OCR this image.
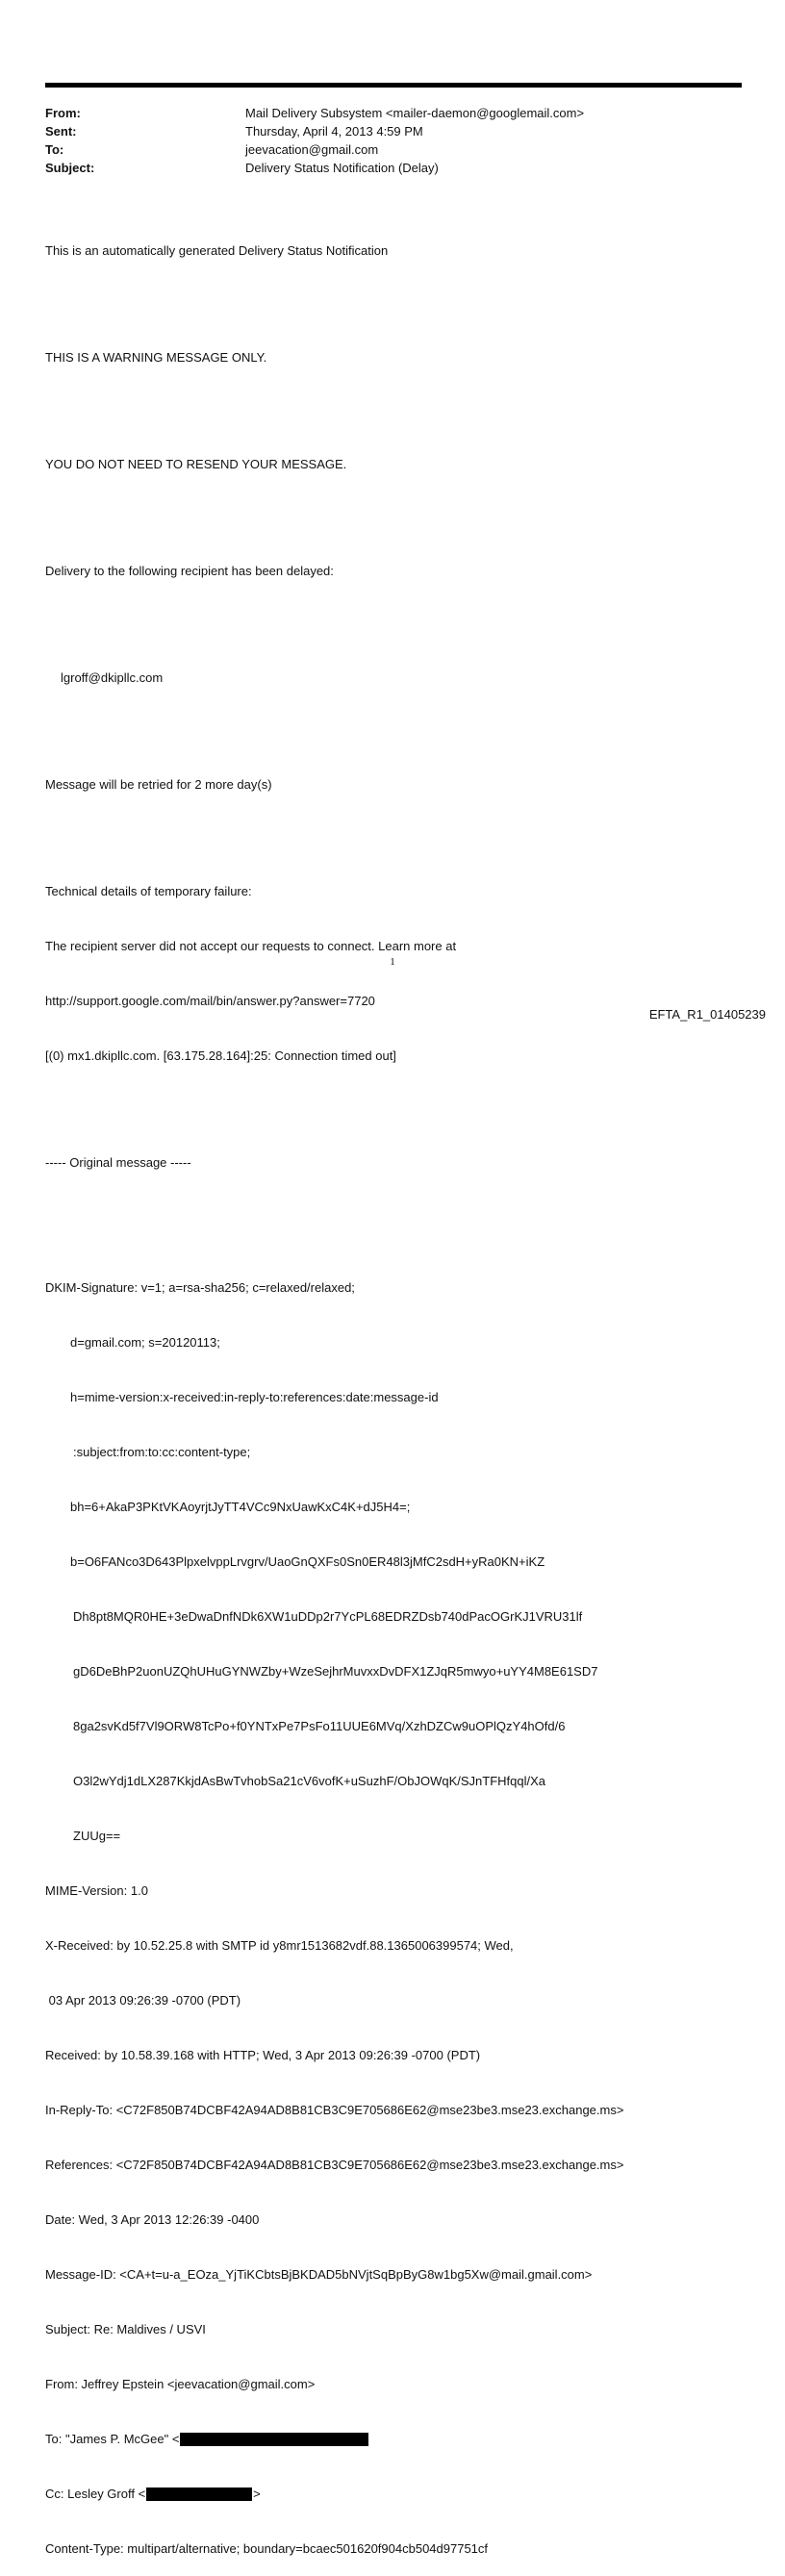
From:	Mail Delivery Subsystem <mailer-daemon@googlemail.com>
Sent:	Thursday, April 4, 2013 4:59 PM
To:	jeevacation@gmail.com
Subject:	Delivery Status Notification (Delay)

This is an automatically generated Delivery Status Notification

THIS IS A WARNING MESSAGE ONLY.

YOU DO NOT NEED TO RESEND YOUR MESSAGE.

Delivery to the following recipient has been delayed:

lgroff@dkipllc.com

Message will be retried for 2 more day(s)

Technical details of temporary failure:

The recipient server did not accept our requests to connect. Learn more at

http://support.google.com/mail/bin/answer.py?answer=7720

[(0) mx1.dkipllc.com. [63.175.28.164]:25: Connection timed out]

----- Original message -----

DKIM-Signature: v=1; a=rsa-sha256; c=relaxed/relaxed;

d=gmail.com; s=20120113;

h=mime-version:x-received:in-reply-to:references:date:message-id

:subject:from:to:cc:content-type;

bh=6+AkaP3PKtVKAoyrjtJyTT4VCc9NxUawKxC4K+dJ5H4=;

b=O6FANco3D643PlpxelvppLrvgrv/UaoGnQXFs0Sn0ER48l3jMfC2sdH+yRa0KN+iKZ

Dh8pt8MQR0HE+3eDwaDnfNDk6XW1uDDp2r7YcPL68EDRZDsb740dPacOGrKJ1VRU31lf

gD6DeBhP2uonUZQhUHuGYNWZby+WzeSejhrMuvxxDvDFX1ZJqR5mwyo+uYY4M8E61SD7

8ga2svKd5f7Vl9ORW8TcPo+f0YNTxPe7PsFo11UUE6MVq/XzhDZCw9uOPlQzY4hOfd/6

O3l2wYdj1dLX287KkjdAsBwTvhobSa21cV6vofK+uSuzhF/ObJOWqK/SJnTFHfqql/Xa

ZUUg==

MIME-Version: 1.0

X-Received: by 10.52.25.8 with SMTP id y8mr1513682vdf.88.1365006399574; Wed,

03 Apr 2013 09:26:39 -0700 (PDT)

Received: by 10.58.39.168 with HTTP; Wed, 3 Apr 2013 09:26:39 -0700 (PDT)

In-Reply-To: <C72F850B74DCBF42A94AD8B81CB3C9E705686E62@mse23be3.mse23.exchange.ms>

References: <C72F850B74DCBF42A94AD8B81CB3C9E705686E62@mse23be3.mse23.exchange.ms>

Date: Wed, 3 Apr 2013 12:26:39 -0400

Message-ID: <CA+t=u-a_EOza_YjTiKCbtsBjBKDAD5bNVjtSqBpByG8w1bg5Xw@mail.gmail.com>

Subject: Re: Maldives / USVI

From: Jeffrey Epstein <jeevacation@gmail.com>

To: "James P. McGee" <

Cc: Lesley Groff <	>

Content-Type: multipart/alternative; boundary=bcaec501620f904cb504d97751cf

1
EFTA_R1_01405239
